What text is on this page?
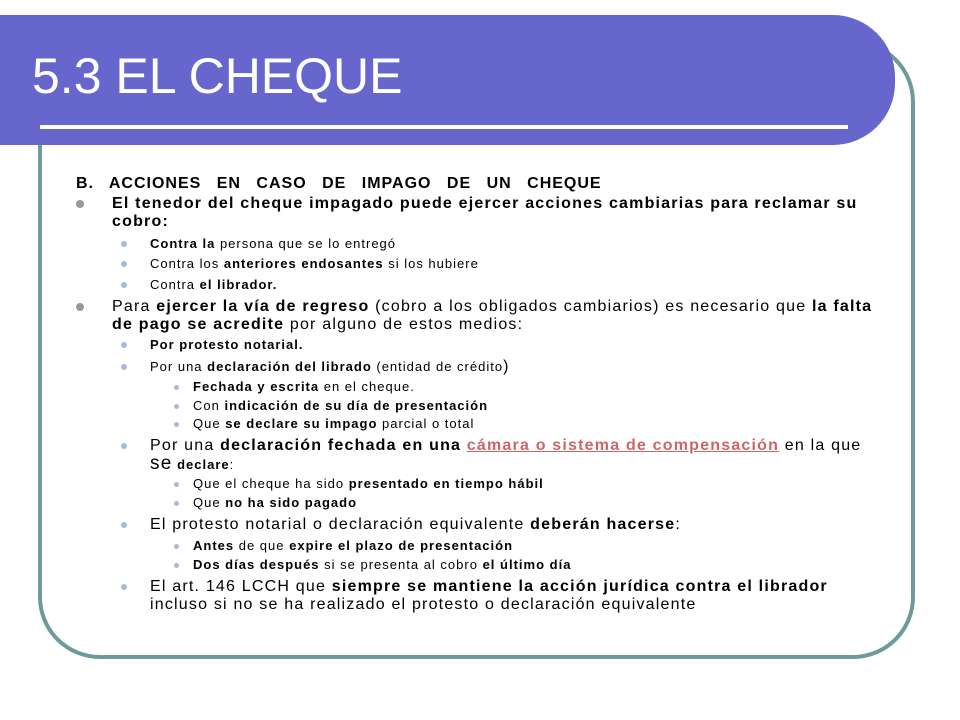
5.3 EL CHEQUE
B. ACCIONES EN CASO DE IMPAGO DE UN CHEQUE
El tenedor del cheque impagado puede ejercer acciones cambiarias para reclamar su
cobro:
Contra la persona que se lo entregó
Contra los anteriores endosantes si los hubiere
Contra el librador.
Para ejercer la vía de regreso (cobro a los obligados cambiarios) es necesario que la falta
de pago se acredite por alguno de estos medios:
Por protesto notarial.
Por una declaración del librado (entidad de crédito)
Fechada y escrita en el cheque.
Con indicación de su día de presentación
Que se declare su impago parcial o total
Por una declaración fechada en una cámara o sistema de compensación en la que
se declare:
Que el cheque ha sido presentado en tiempo hábil
Que no ha sido pagado
El protesto notarial o declaración equivalente deberán hacerse:
Antes de que expire el plazo de presentación
Dos días después si se presenta al cobro el último día
El art. 146 LCCH que siempre se mantiene la acción jurídica contra el librador
incluso si no se ha realizado el protesto o declaración equivalente
